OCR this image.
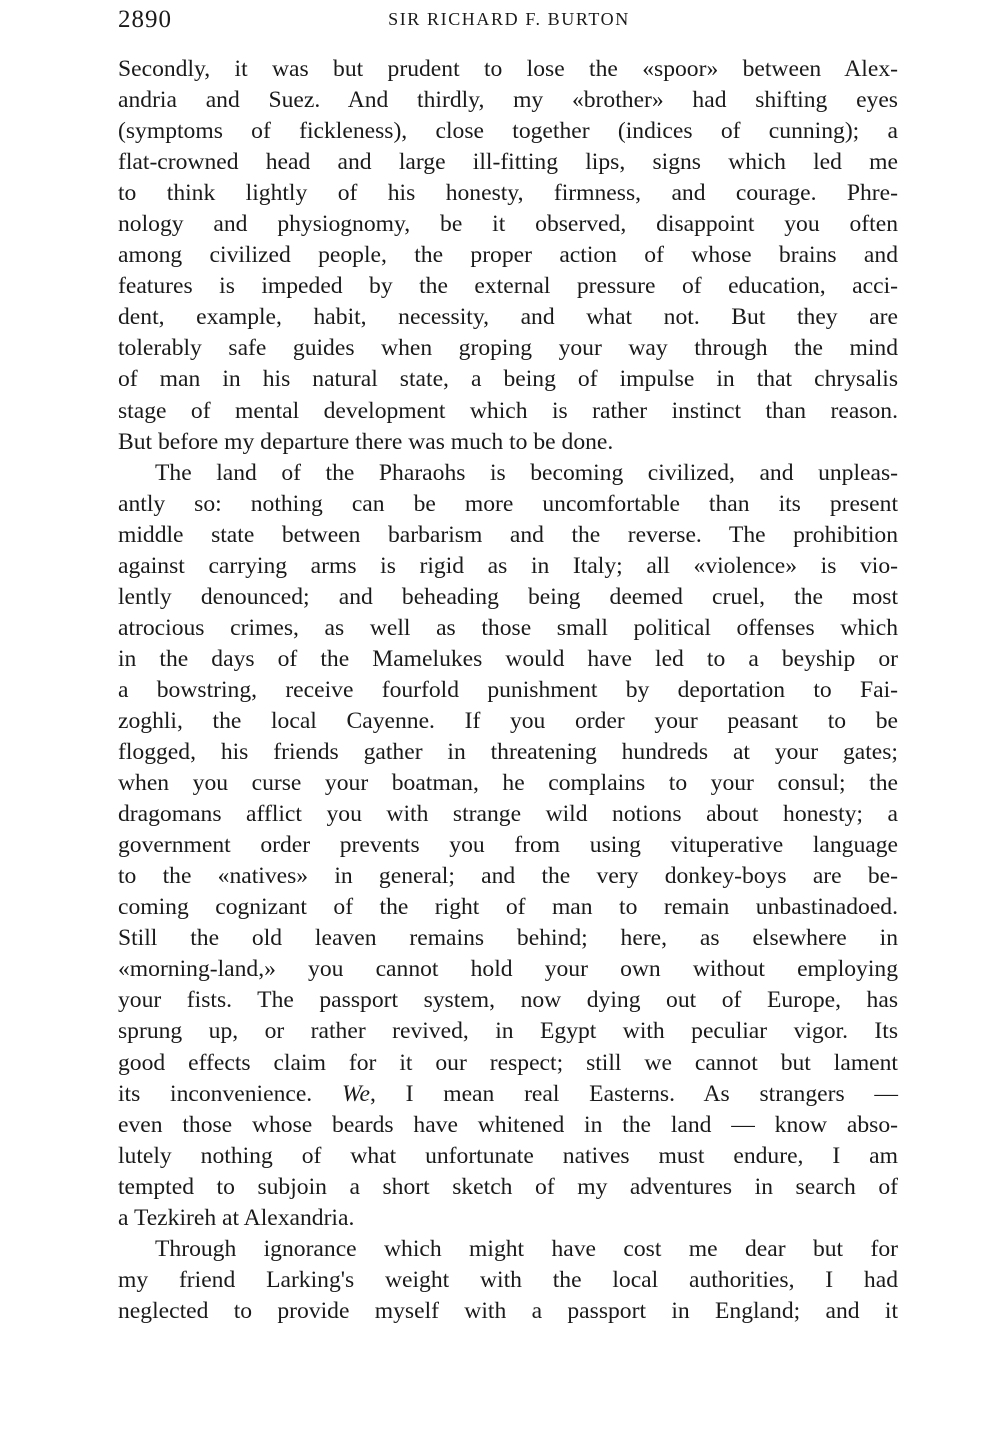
2890	SIR RICHARD F. BURTON
Secondly, it was but prudent to lose the «spoor» between Alex-
andria and Suez. And thirdly, my «brother» had shifting eyes
(symptoms of fickleness), close together (indices of cunning); a
flat-crowned head and large ill-fitting lips, signs which led me
to think lightly of his honesty, firmness, and courage. Phre-
nology and physiognomy, be it observed, disappoint you often
among civilized people, the proper action of whose brains and
features is impeded by the external pressure of education, acci-
dent, example, habit, necessity, and what not. But they are
tolerably safe guides when groping your way through the mind
of man in his natural state, a being of impulse in that chrysalis
stage of mental development which is rather instinct than reason.
But before my departure there was much to be done.
The land of the Pharaohs is becoming civilized, and unpleas-
antly so: nothing can be more uncomfortable than its present
middle state between barbarism and the reverse. The prohibition
against carrying arms is rigid as in Italy; all «violence» is vio-
lently denounced; and beheading being deemed cruel, the most
atrocious crimes, as well as those small political offenses which
in the days of the Mamelukes would have led to a beyship or
a bowstring, receive fourfold punishment by deportation to Fai-
zoghli, the local Cayenne. If you order your peasant to be
flogged, his friends gather in threatening hundreds at your gates;
when you curse your boatman, he complains to your consul; the
dragomans afflict you with strange wild notions about honesty; a
government order prevents you from using vituperative language
to the «natives» in general; and the very donkey-boys are be-
coming cognizant of the right of man to remain unbastinadoed.
Still the old leaven remains behind; here, as elsewhere in
«morning-land,» you cannot hold your own without employing
your fists. The passport system, now dying out of Europe, has
sprung up, or rather revived, in Egypt with peculiar vigor. Its
good effects claim for it our respect; still we cannot but lament
its inconvenience. We, I mean real Easterns. As strangers —
even those whose beards have whitened in the land — know abso-
lutely nothing of what unfortunate natives must endure, I am
tempted to subjoin a short sketch of my adventures in search of
a Tezkireh at Alexandria.
Through ignorance which might have cost me dear but for
my friend Larking's weight with the local authorities, I had
neglected to provide myself with a passport in England; and it
